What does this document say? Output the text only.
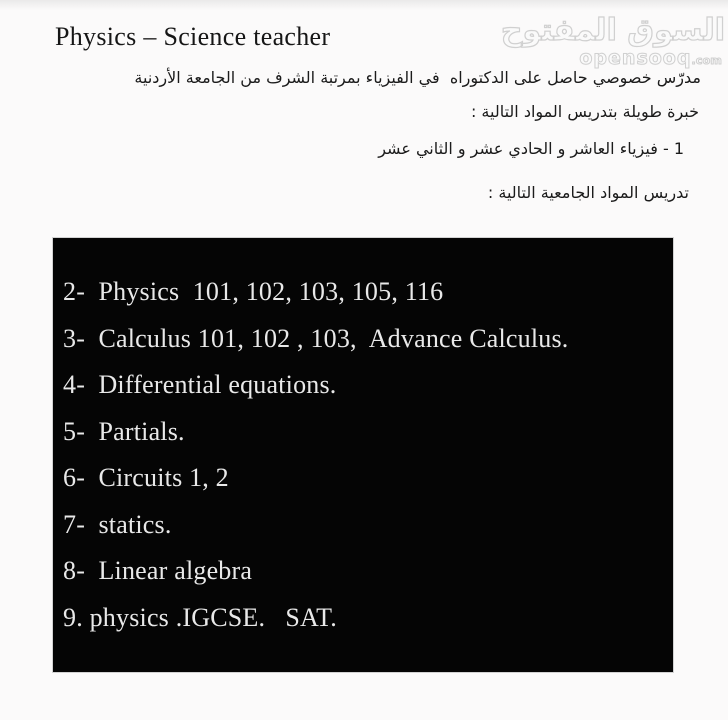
السوق المفتوح
opensooq.com
Physics – Science teacher
مدرّس خصوصي حاصل على الدكتوراه  في الفيزياء بمرتبة الشرف من الجامعة الأردنية
خبرة طويلة بتدريس المواد التالية :
1 - فيزياء العاشر و الحادي عشر و الثاني عشر
تدريس المواد الجامعية التالية :
2-  Physics  101, 102, 103, 105, 116
3-  Calculus 101, 102 , 103,  Advance Calculus.
4-  Differential equations.
5-  Partials.
6-  Circuits 1, 2
7-  statics.
8-  Linear algebra
9. physics .IGCSE.   SAT.
